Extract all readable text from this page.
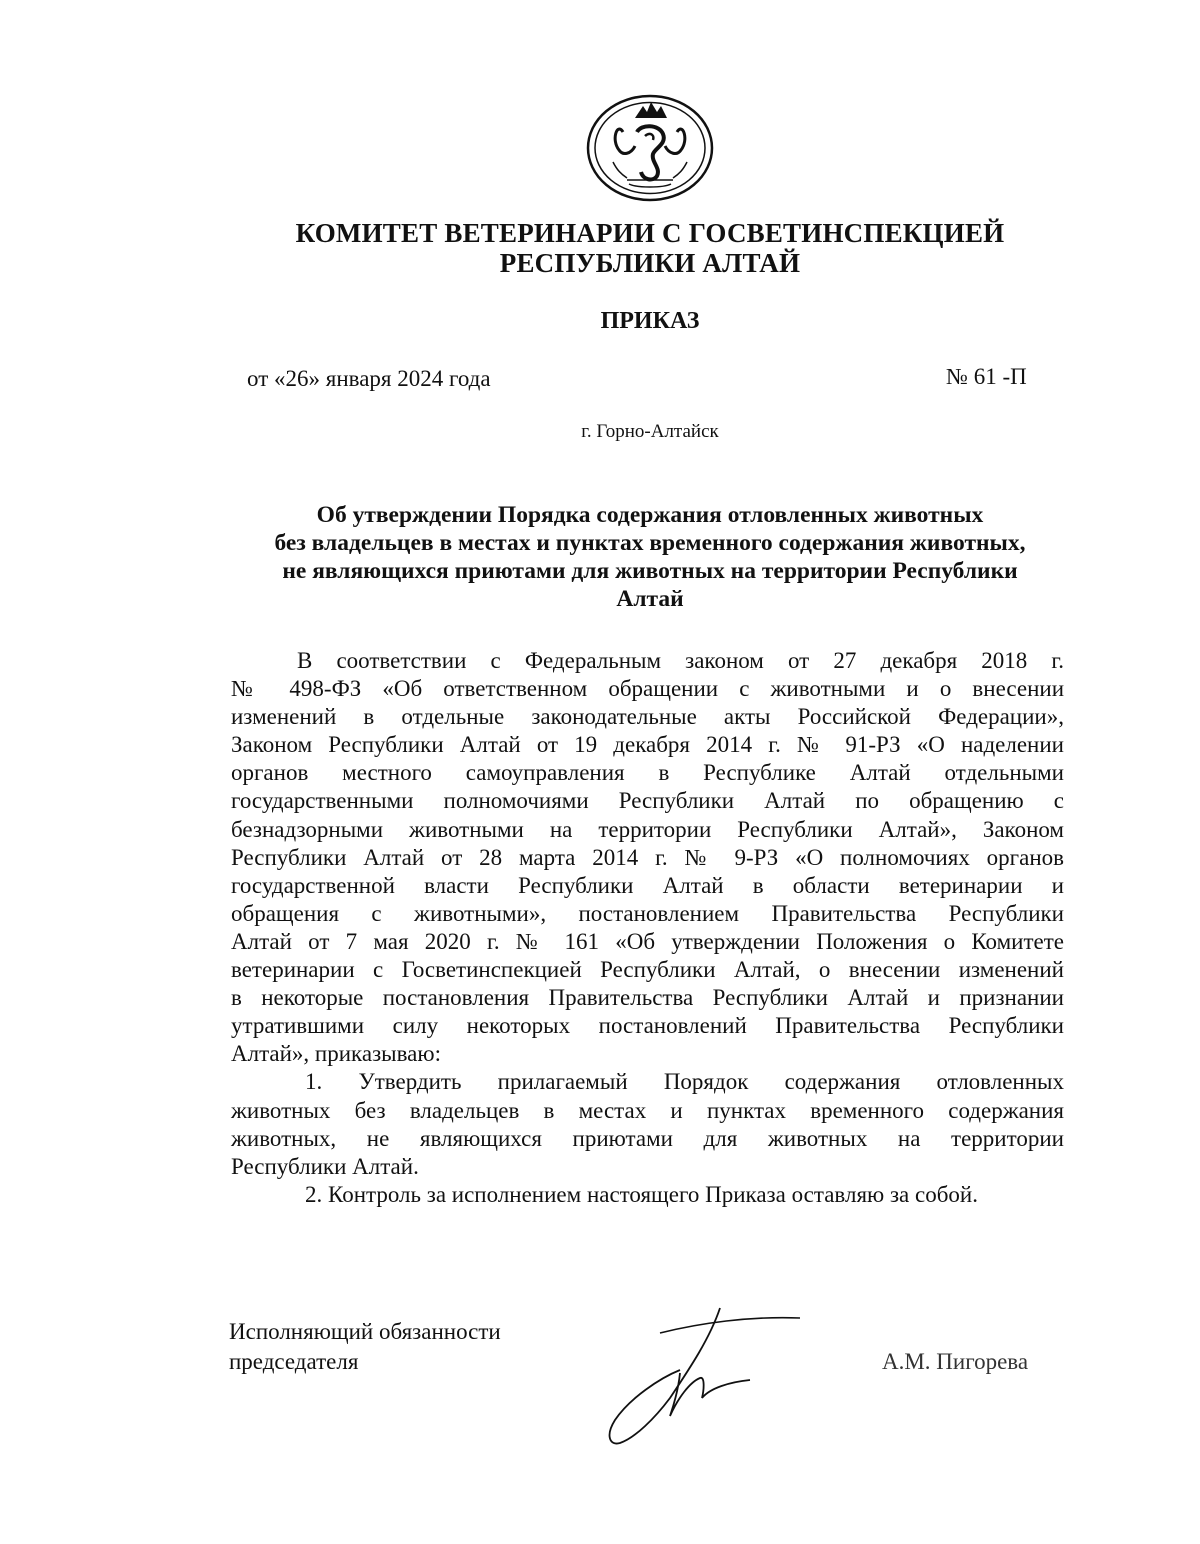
КОМИТЕТ ВЕТЕРИНАРИИ С ГОСВЕТИНСПЕКЦИЕЙ
РЕСПУБЛИКИ АЛТАЙ
ПРИКАЗ
от «26» января 2024 года	№ 61 -П
г. Горно-Алтайск
Об утверждении Порядка содержания отловленных животных
без владельцев в местах и пунктах временного содержания животных,
не являющихся приютами для животных на территории Республики
Алтай
В соответствии с Федеральным законом от 27 декабря 2018 г.
№ 498-ФЗ «Об ответственном обращении с животными и о внесении
изменений в отдельные законодательные акты Российской Федерации»,
Законом Республики Алтай от 19 декабря 2014 г. № 91-РЗ «О наделении
органов местного самоуправления в Республике Алтай отдельными
государственными полномочиями Республики Алтай по обращению с
безнадзорными животными на территории Республики Алтай», Законом
Республики Алтай от 28 марта 2014 г. № 9-РЗ «О полномочиях органов
государственной власти Республики Алтай в области ветеринарии и
обращения с животными», постановлением Правительства Республики
Алтай от 7 мая 2020 г. № 161 «Об утверждении Положения о Комитете
ветеринарии с Госветинспекцией Республики Алтай, о внесении изменений
в некоторые постановления Правительства Республики Алтай и признании
утратившими силу некоторых постановлений Правительства Республики
Алтай», приказываю:
1. Утвердить прилагаемый Порядок содержания отловленных
животных без владельцев в местах и пунктах временного содержания
животных, не являющихся приютами для животных на территории
Республики Алтай.
2. Контроль за исполнением настоящего Приказа оставляю за собой.
Исполняющий обязанности
председателя	А.М. Пигорева
